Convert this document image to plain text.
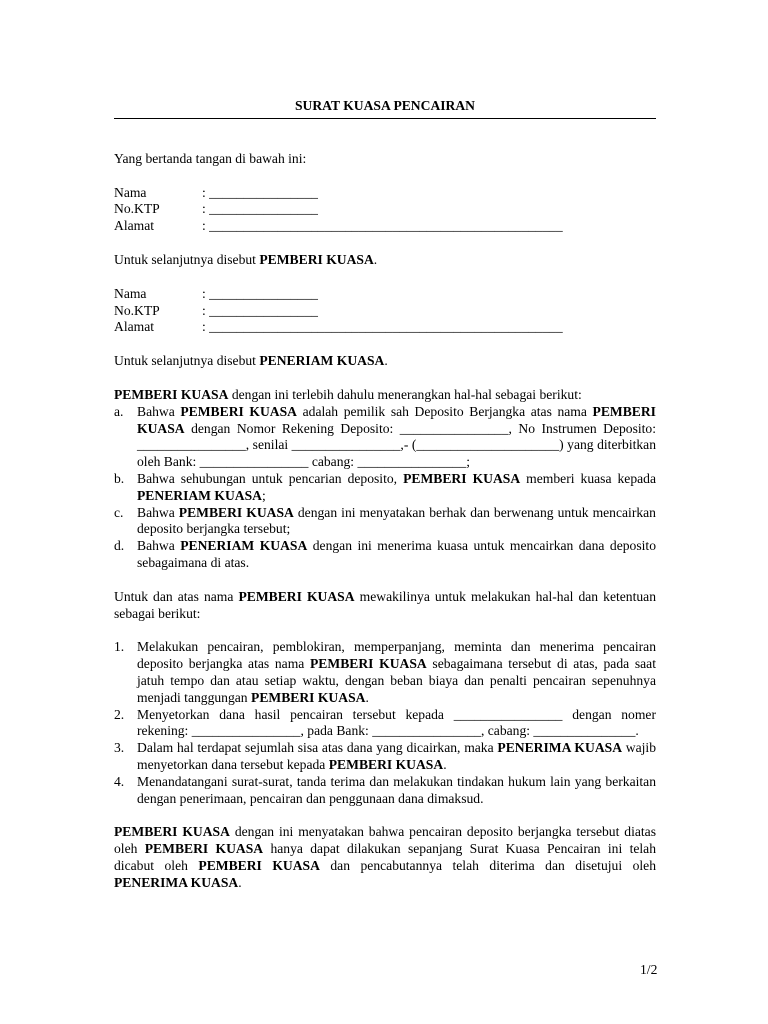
SURAT KUASA PENCAIRAN

Yang bertanda tangan di bawah ini:

Nama	: ________________
No.KTP	: ________________
Alamat	: ____________________________________________________

Untuk selanjutnya disebut PEMBERI KUASA.

Nama	: ________________
No.KTP	: ________________
Alamat	: ____________________________________________________

Untuk selanjutnya disebut PENERIAM KUASA.

PEMBERI KUASA dengan ini terlebih dahulu menerangkan hal-hal sebagai berikut:

a. Bahwa PEMBERI KUASA adalah pemilik sah Deposito Berjangka atas nama PEMBERI KUASA dengan Nomor Rekening Deposito: ________________, No Instrumen Deposito: ________________, senilai ________________,- (_____________________) yang diterbitkan oleh Bank: ________________ cabang: ________________;
b. Bahwa sehubungan untuk pencarian deposito, PEMBERI KUASA memberi kuasa kepada PENERIAM KUASA;
c. Bahwa PEMBERI KUASA dengan ini menyatakan berhak dan berwenang untuk mencairkan deposito berjangka tersebut;
d. Bahwa PENERIAM KUASA dengan ini menerima kuasa untuk mencairkan dana deposito sebagaimana di atas.

Untuk dan atas nama PEMBERI KUASA mewakilinya untuk melakukan hal-hal dan ketentuan sebagai berikut:

1. Melakukan pencairan, pemblokiran, memperpanjang, meminta dan menerima pencairan deposito berjangka atas nama PEMBERI KUASA sebagaimana tersebut di atas, pada saat jatuh tempo dan atau setiap waktu, dengan beban biaya dan penalti pencairan sepenuhnya menjadi tanggungan PEMBERI KUASA.
2. Menyetorkan dana hasil pencairan tersebut kepada ________________ dengan nomer rekening: ________________, pada Bank: ________________, cabang: _______________.
3. Dalam hal terdapat sejumlah sisa atas dana yang dicairkan, maka PENERIMA KUASA wajib menyetorkan dana tersebut kepada PEMBERI KUASA.
4. Menandatangani surat-surat, tanda terima dan melakukan tindakan hukum lain yang berkaitan dengan penerimaan, pencairan dan penggunaan dana dimaksud.

PEMBERI KUASA dengan ini menyatakan bahwa pencairan deposito berjangka tersebut diatas oleh PEMBERI KUASA hanya dapat dilakukan sepanjang Surat Kuasa Pencairan ini telah dicabut oleh PEMBERI KUASA dan pencabutannya telah diterima dan disetujui oleh PENERIMA KUASA.

1/2
